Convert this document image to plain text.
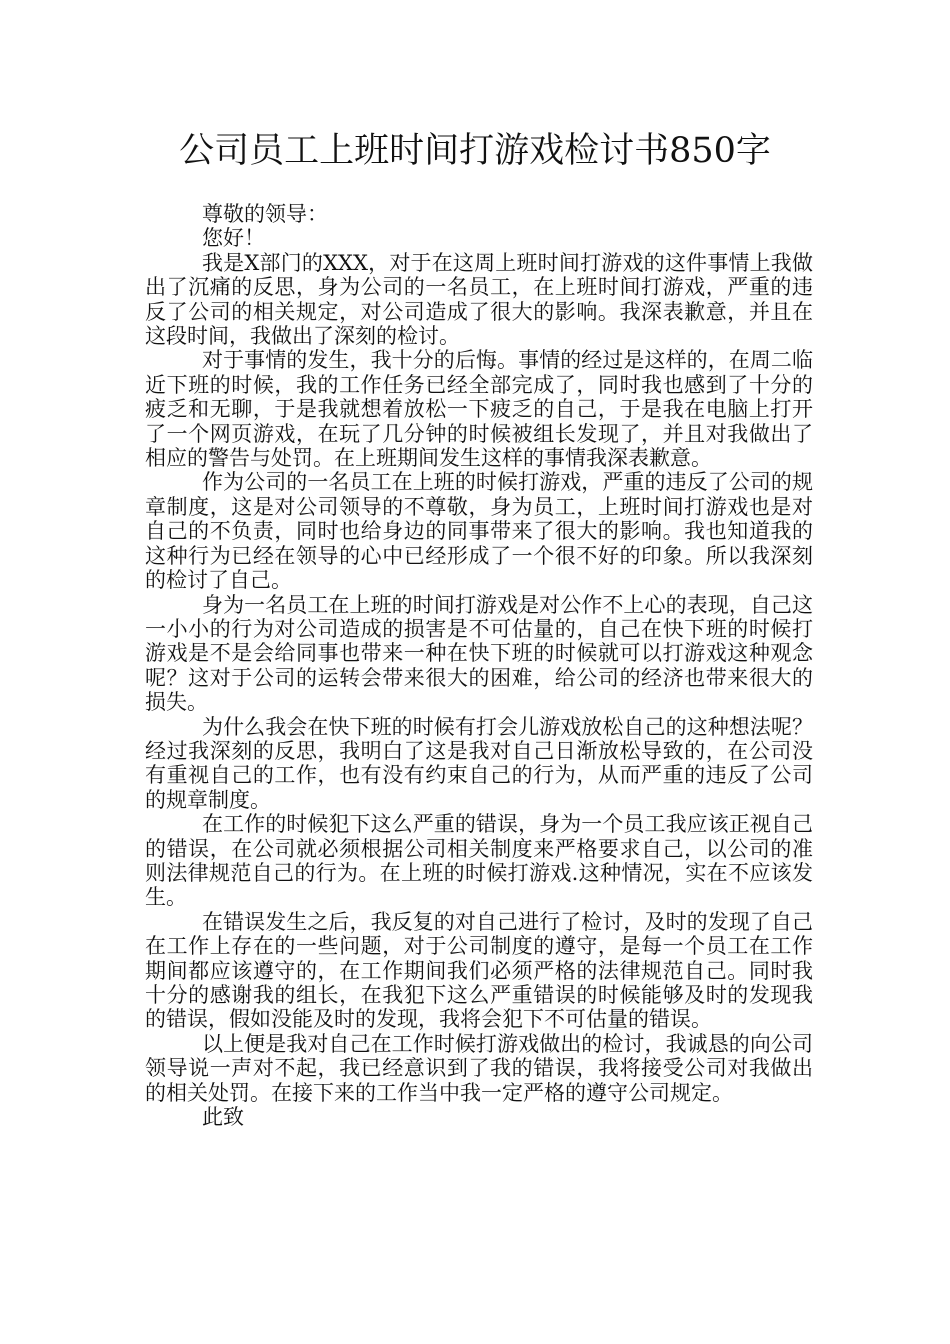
公司员工上班时间打游戏检讨书850字

尊敬的领导：

您好！

我是X部门的XXX，对于在这周上班时间打游戏的这件事情上我做出了沉痛的反思，身为公司的一名员工，在上班时间打游戏，严重的违反了公司的相关规定，对公司造成了很大的影响。我深表歉意，并且在这段时间，我做出了深刻的检讨。

对于事情的发生，我十分的后悔。事情的经过是这样的，在周二临近下班的时候，我的工作任务已经全部完成了，同时我也感到了十分的疲乏和无聊，于是我就想着放松一下疲乏的自己，于是我在电脑上打开了一个网页游戏，在玩了几分钟的时候被组长发现了，并且对我做出了相应的警告与处罚。在上班期间发生这样的事情我深表歉意。

作为公司的一名员工在上班的时候打游戏，严重的违反了公司的规章制度，这是对公司领导的不尊敬，身为员工，上班时间打游戏也是对自己的不负责，同时也给身边的同事带来了很大的影响。我也知道我的这种行为已经在领导的心中已经形成了一个很不好的印象。所以我深刻的检讨了自己。

身为一名员工在上班的时间打游戏是对公作不上心的表现，自己这一小小的行为对公司造成的损害是不可估量的，自己在快下班的时候打游戏是不是会给同事也带来一种在快下班的时候就可以打游戏这种观念呢？这对于公司的运转会带来很大的困难，给公司的经济也带来很大的损失。

为什么我会在快下班的时候有打会儿游戏放松自己的这种想法呢？经过我深刻的反思，我明白了这是我对自己日渐放松导致的，在公司没有重视自己的工作，也有没有约束自己的行为，从而严重的违反了公司的规章制度。

在工作的时候犯下这么严重的错误，身为一个员工我应该正视自己的错误，在公司就必须根据公司相关制度来严格要求自己，以公司的准则法律规范自己的行为。在上班的时候打游戏.这种情况，实在不应该发生。

在错误发生之后，我反复的对自己进行了检讨，及时的发现了自己在工作上存在的一些问题，对于公司制度的遵守，是每一个员工在工作期间都应该遵守的，在工作期间我们必须严格的法律规范自己。同时我十分的感谢我的组长，在我犯下这么严重错误的时候能够及时的发现我的错误，假如没能及时的发现，我将会犯下不可估量的错误。

以上便是我对自己在工作时候打游戏做出的检讨，我诚恳的向公司领导说一声对不起，我已经意识到了我的错误，我将接受公司对我做出的相关处罚。在接下来的工作当中我一定严格的遵守公司规定。

此致
